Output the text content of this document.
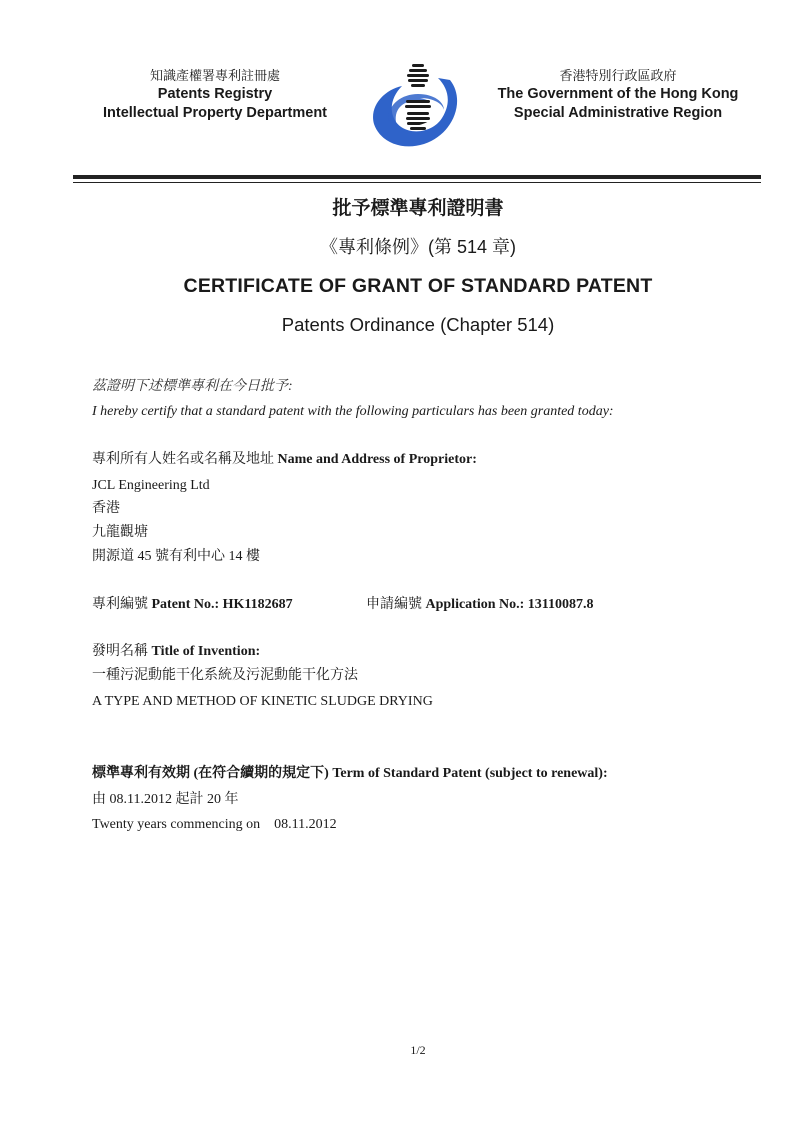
知識產權署專利註冊處
Patents Registry
Intellectual Property Department
香港特別行政區政府
The Government of the Hong Kong
Special Administrative Region
批予標準專利證明書
《專利條例》(第 514 章)
CERTIFICATE OF GRANT OF STANDARD PATENT
Patents Ordinance (Chapter 514)
茲證明下述標準專利在今日批予:
I hereby certify that a standard patent with the following particulars has been granted today:
專利所有人姓名或名稱及地址 Name and Address of Proprietor:
JCL Engineering Ltd
香港
九龍觀塘
開源道 45 號有利中心 14 樓
專利編號 Patent No.: HK1182687	申請編號 Application No.: 13110087.8
發明名稱 Title of Invention:
一種污泥動能干化系統及污泥動能干化方法
A TYPE AND METHOD OF KINETIC SLUDGE DRYING
標準專利有效期 (在符合續期的規定下) Term of Standard Patent (subject to renewal):
由 08.11.2012 起計 20 年
Twenty years commencing on 08.11.2012
1/2
